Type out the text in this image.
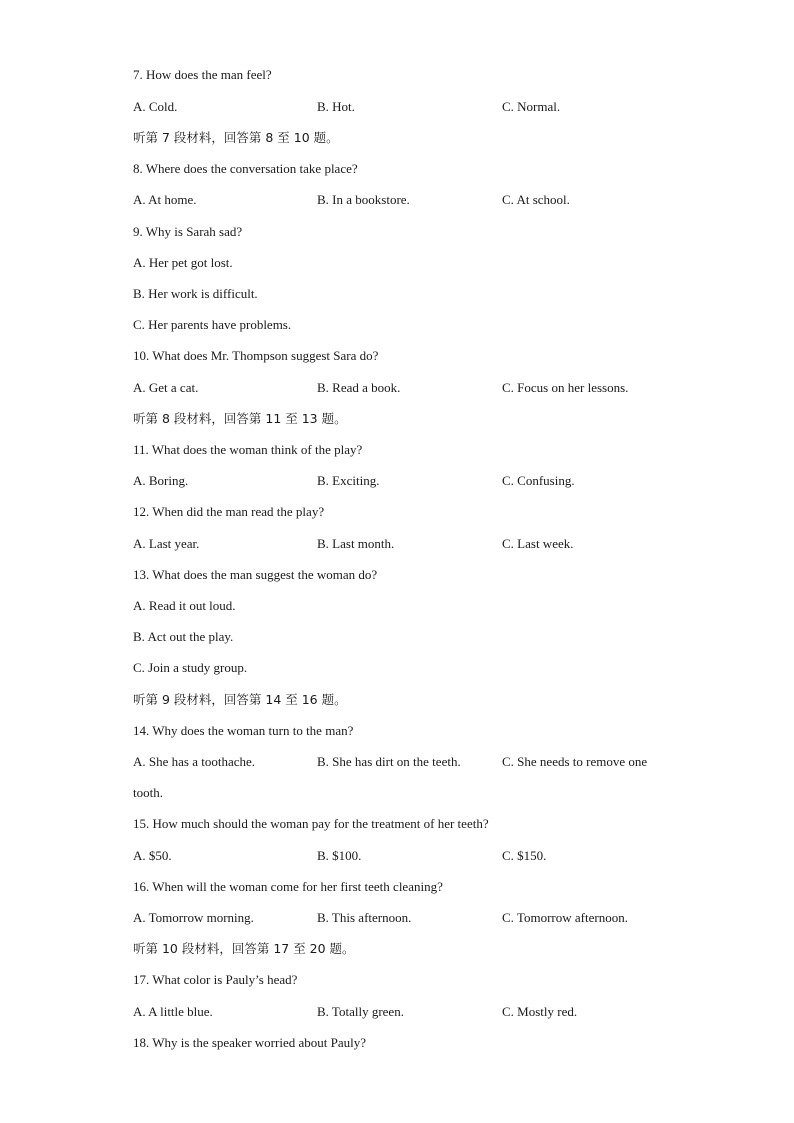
7. How does the man feel?
A. Cold.	B. Hot.	C. Normal.
听第 7 段材料，回答第 8 至 10 题。
8. Where does the conversation take place?
A. At home.	B. In a bookstore.	C. At school.
9. Why is Sarah sad?
A. Her pet got lost.
B. Her work is difficult.
C. Her parents have problems.
10. What does Mr. Thompson suggest Sara do?
A. Get a cat.	B. Read a book.	C. Focus on her lessons.
听第 8 段材料，回答第 11 至 13 题。
11. What does the woman think of the play?
A. Boring.	B. Exciting.	C. Confusing.
12. When did the man read the play?
A. Last year.	B. Last month.	C. Last week.
13. What does the man suggest the woman do?
A. Read it out loud.
B. Act out the play.
C. Join a study group.
听第 9 段材料，回答第 14 至 16 题。
14. Why does the woman turn to the man?
A. She has a toothache.	B. She has dirt on the teeth.	C. She needs to remove one
tooth.
15. How much should the woman pay for the treatment of her teeth?
A. $50.	B. $100.	C. $150.
16. When will the woman come for her first teeth cleaning?
A. Tomorrow morning.	B. This afternoon.	C. Tomorrow afternoon.
听第 10 段材料，回答第 17 至 20 题。
17. What color is Pauly’s head?
A. A little blue.	B. Totally green.	C. Mostly red.
18. Why is the speaker worried about Pauly?
